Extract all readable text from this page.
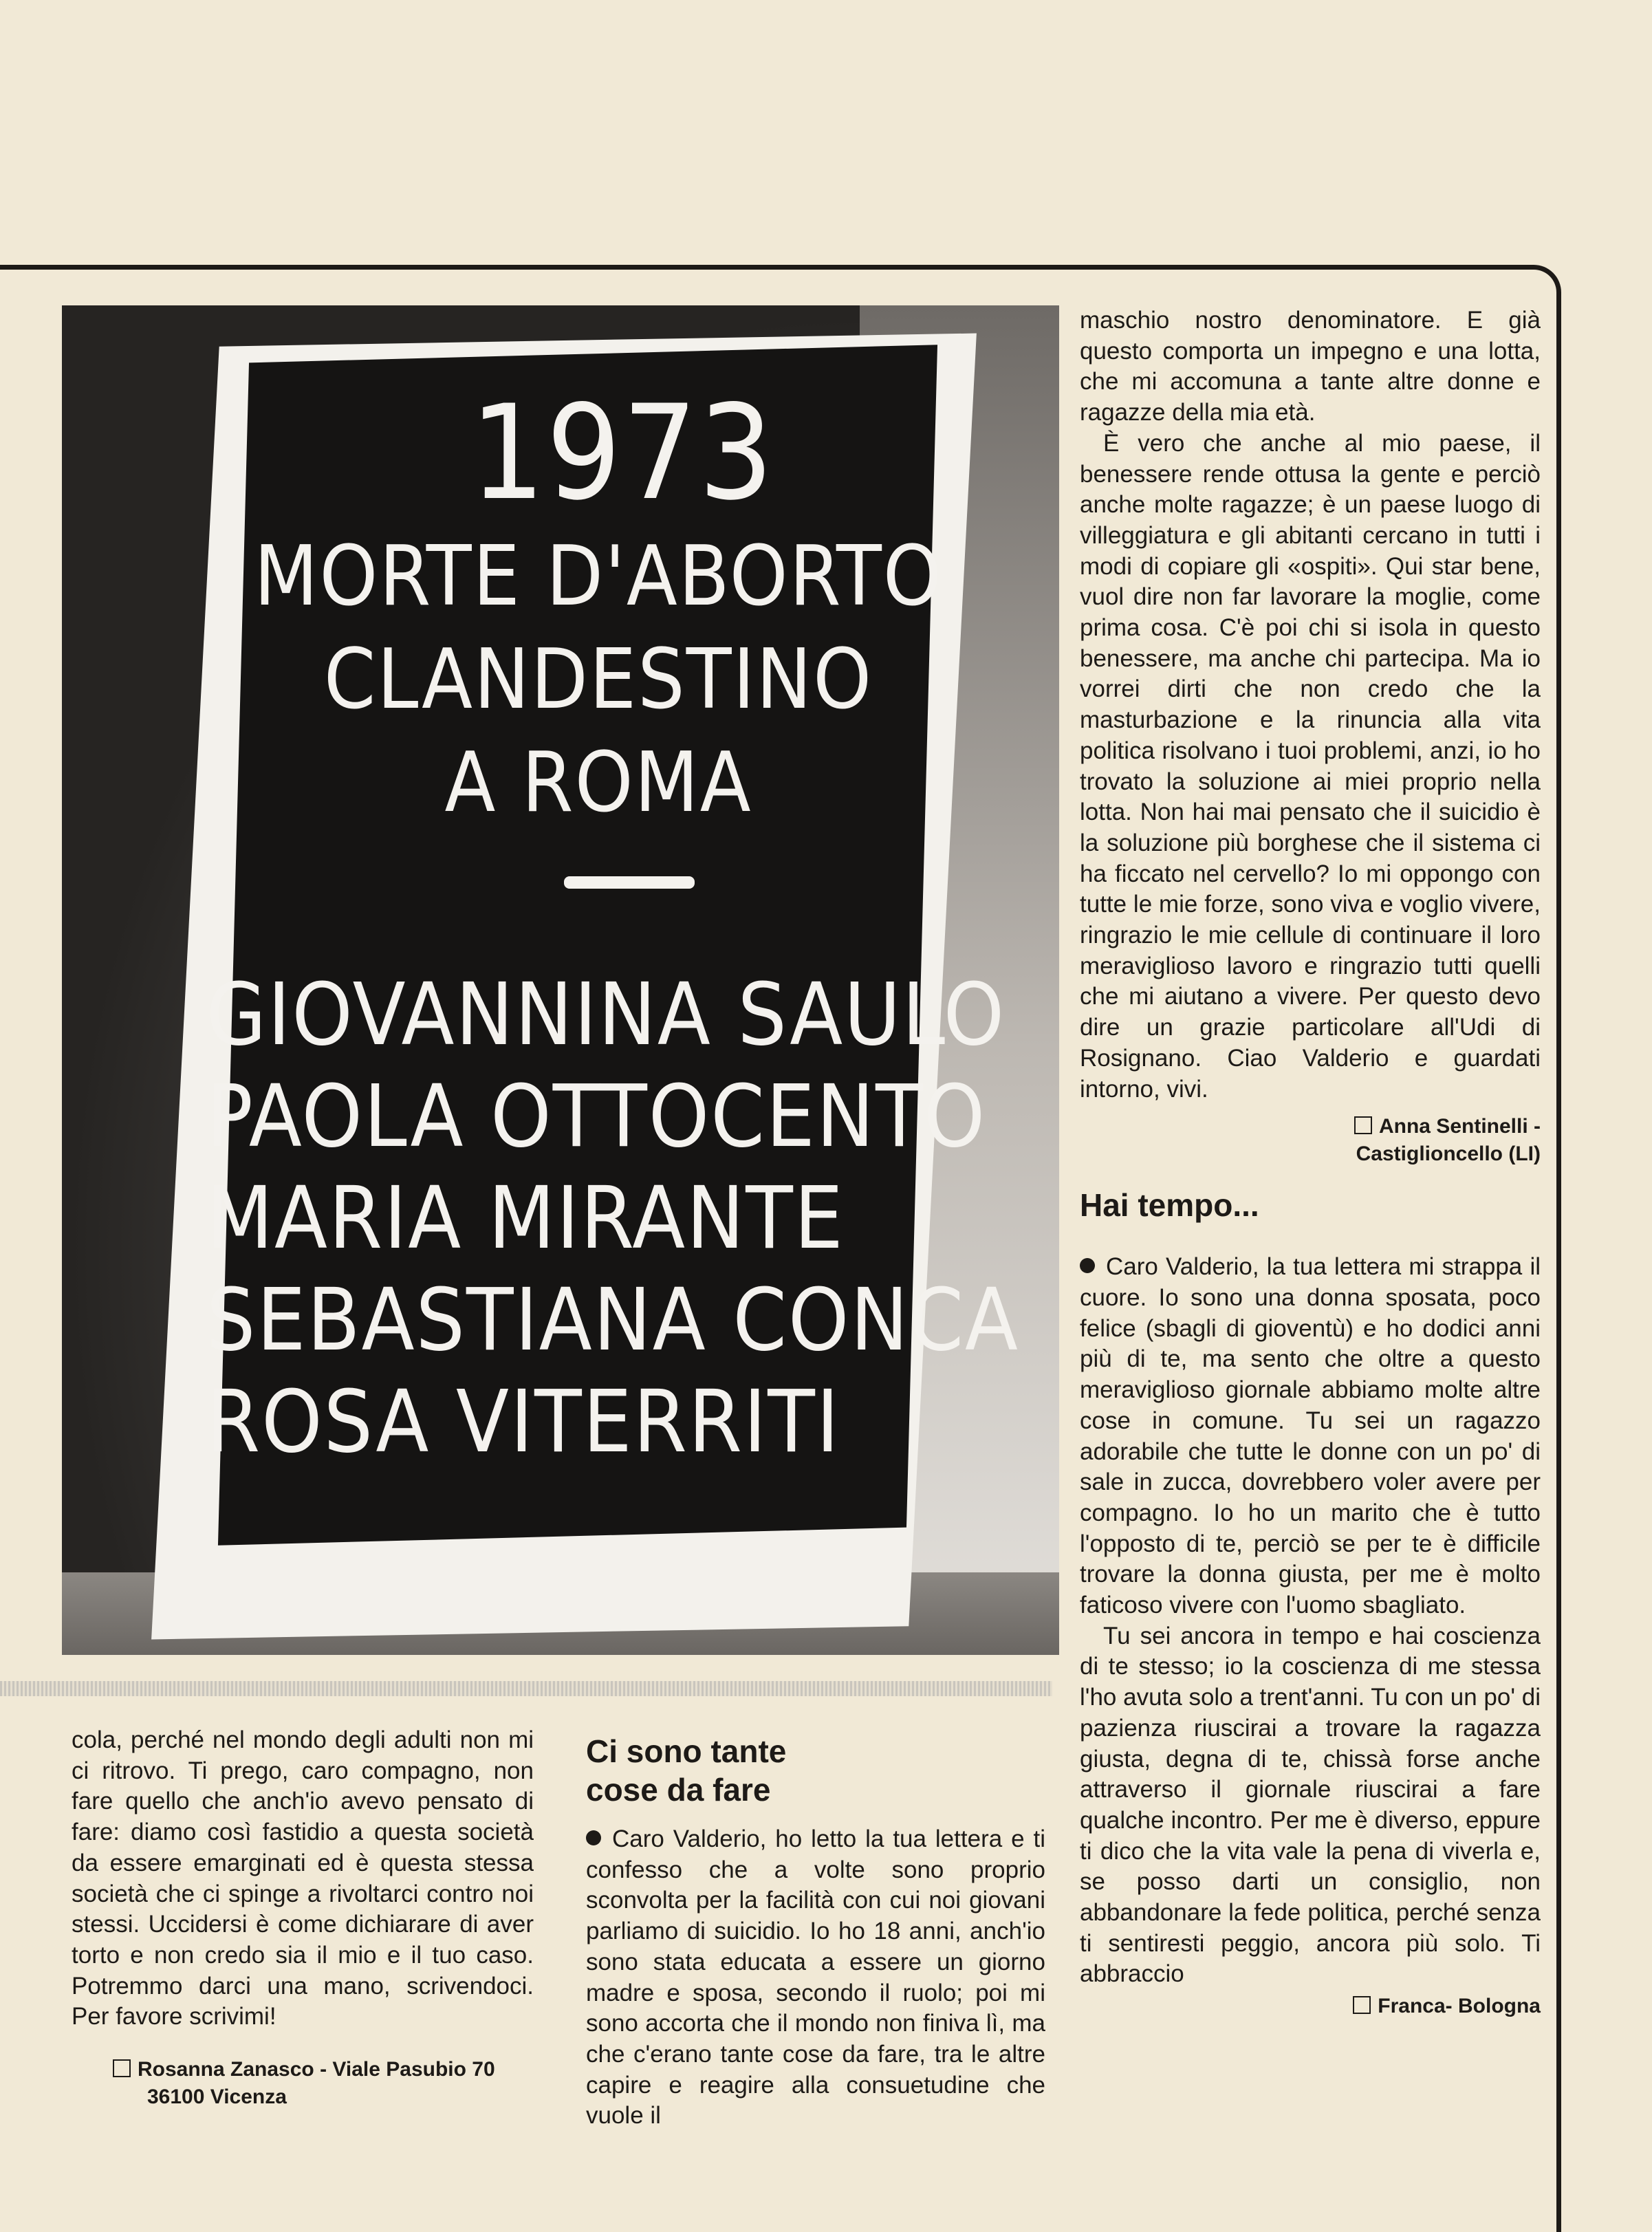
1973
MORTE D'ABORTO
CLANDESTINO
A ROMA
GIOVANNINA SAULO
PAOLA OTTOCENTO
MARIA MIRANTE
SEBASTIANA CONCA
ROSA VITERRITI

cola, perché nel mondo degli adulti non mi ci ritrovo. Ti prego, caro compagno, non fare quello che anch'io avevo pensato di fare: diamo così fastidio a questa società da essere emarginati ed è questa stessa società che ci spinge a rivoltarci contro noi stessi. Uccidersi è come dichiarare di aver torto e non credo sia il mio e il tuo caso. Potremmo darci una mano, scrivendoci. Per favore scrivimi!

Rosanna Zanasco - Viale Pasubio 70
36100 Vicenza
Ci sono tante
cose da fare

Caro Valderio, ho letto la tua lettera e ti confesso che a volte sono proprio sconvolta per la facilità con cui noi giovani parliamo di suicidio. Io ho 18 anni, anch'io sono stata educata a essere un giorno madre e sposa, secondo il ruolo; poi mi sono accorta che il mondo non finiva lì, ma che c'erano tante cose da fare, tra le altre capire e reagire alla consuetudine che vuole il

maschio nostro denominatore. E già questo comporta un impegno e una lotta, che mi accomuna a tante altre donne e ragazze della mia età.

È vero che anche al mio paese, il benessere rende ottusa la gente e perciò anche molte ragazze; è un paese luogo di villeggiatura e gli abitanti cercano in tutti i modi di copiare gli «ospiti». Qui star bene, vuol dire non far lavorare la moglie, come prima cosa. C'è poi chi si isola in questo benessere, ma anche chi partecipa. Ma io vorrei dirti che non credo che la masturbazione e la rinuncia alla vita politica risolvano i tuoi problemi, anzi, io ho trovato la soluzione ai miei proprio nella lotta. Non hai mai pensato che il suicidio è la soluzione più borghese che il sistema ci ha ficcato nel cervello? Io mi oppongo con tutte le mie forze, sono viva e voglio vivere, ringrazio le mie cellule di continuare il loro meraviglioso lavoro e ringrazio tutti quelli che mi aiutano a vivere. Per questo devo dire un grazie particolare all'Udi di Rosignano. Ciao Valderio e guardati intorno, vivi.

Anna Sentinelli -
Castiglioncello (LI)
Hai tempo...

Caro Valderio, la tua lettera mi strappa il cuore. Io sono una donna sposata, poco felice (sbagli di gioventù) e ho dodici anni più di te, ma sento che oltre a questo meraviglioso giornale abbiamo molte altre cose in comune. Tu sei un ragazzo adorabile che tutte le donne con un po' di sale in zucca, dovrebbero voler avere per compagno. Io ho un marito che è tutto l'opposto di te, perciò se per te è difficile trovare la donna giusta, per me è molto faticoso vivere con l'uomo sbagliato.

Tu sei ancora in tempo e hai coscienza di te stesso; io la coscienza di me stessa l'ho avuta solo a trent'anni. Tu con un po' di pazienza riuscirai a trovare la ragazza giusta, degna di te, chissà forse anche attraverso il giornale riuscirai a fare qualche incontro. Per me è diverso, eppure ti dico che la vita vale la pena di viverla e, se posso darti un consiglio, non abbandonare la fede politica, perché senza ti sentiresti peggio, ancora più solo. Ti abbraccio

Franca- Bologna
